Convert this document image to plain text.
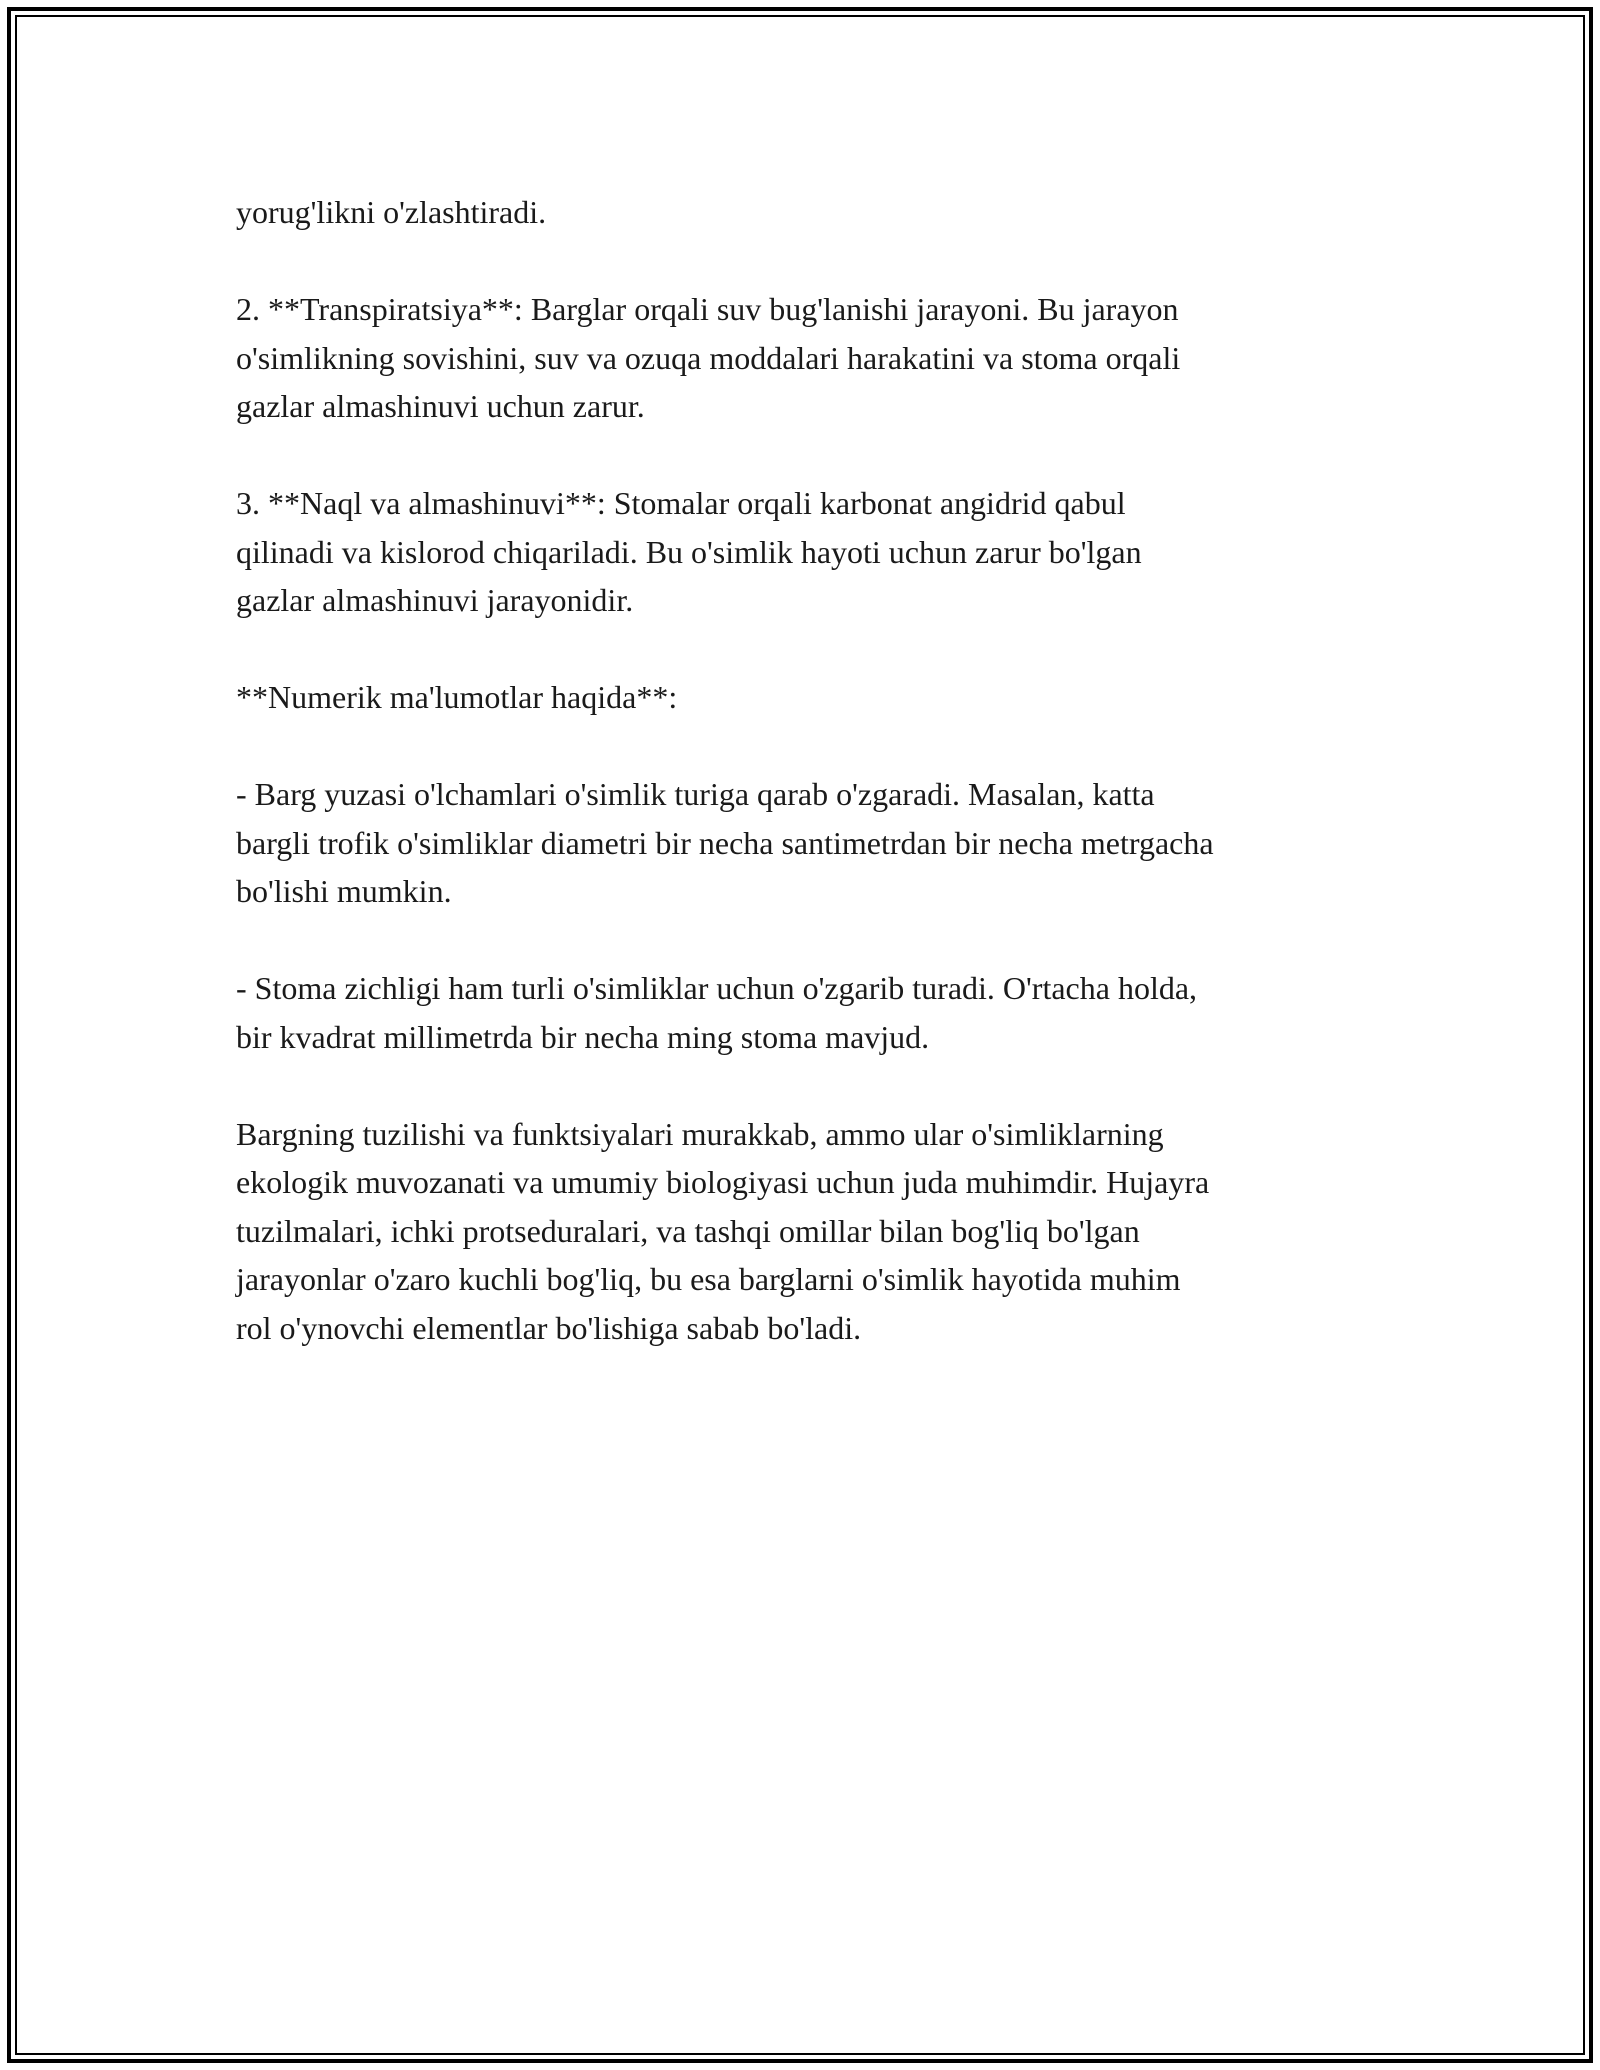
yorug'likni o'zlashtiradi.

2. **Transpiratsiya**: Barglar orqali suv bug'lanishi jarayoni. Bu jarayon
o'simlikning sovishini, suv va ozuqa moddalari harakatini va stoma orqali
gazlar almashinuvi uchun zarur.

3. **Naql va almashinuvi**: Stomalar orqali karbonat angidrid qabul
qilinadi va kislorod chiqariladi. Bu o'simlik hayoti uchun zarur bo'lgan
gazlar almashinuvi jarayonidir.

**Numerik ma'lumotlar haqida**:

- Barg yuzasi o'lchamlari o'simlik turiga qarab o'zgaradi. Masalan, katta
bargli trofik o'simliklar diametri bir necha santimetrdan bir necha metrgacha
bo'lishi mumkin.

- Stoma zichligi ham turli o'simliklar uchun o'zgarib turadi. O'rtacha holda,
bir kvadrat millimetrda bir necha ming stoma mavjud.

Bargning tuzilishi va funktsiyalari murakkab, ammo ular o'simliklarning
ekologik muvozanati va umumiy biologiyasi uchun juda muhimdir. Hujayra
tuzilmalari, ichki protseduralari, va tashqi omillar bilan bog'liq bo'lgan
jarayonlar o'zaro kuchli bog'liq, bu esa barglarni o'simlik hayotida muhim
rol o'ynovchi elementlar bo'lishiga sabab bo'ladi.
